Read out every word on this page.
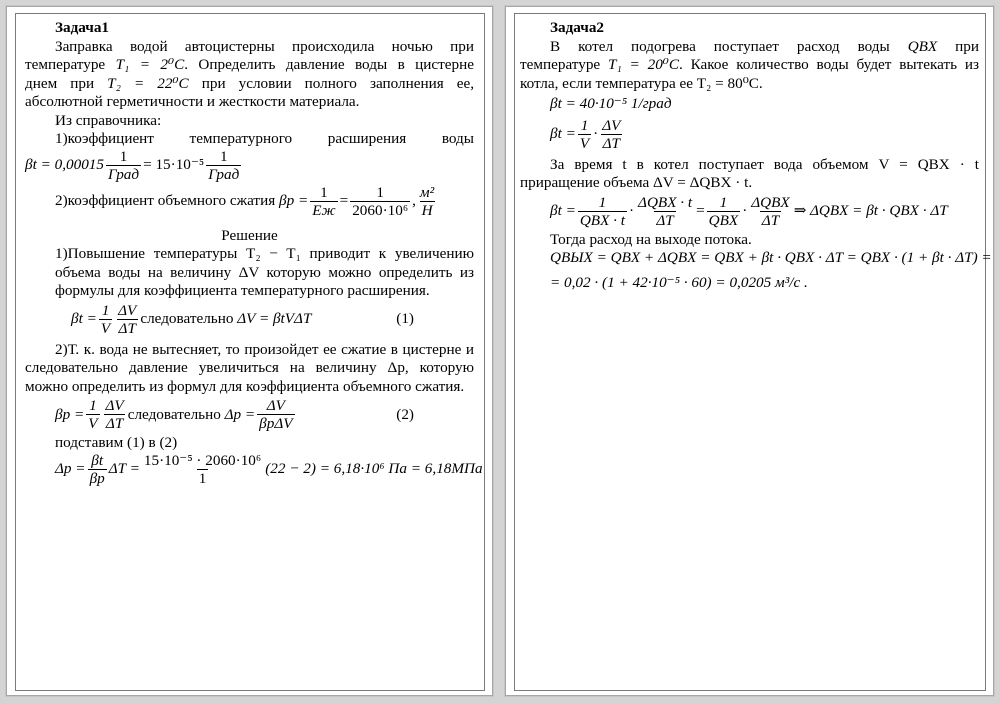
Задача1

Заправка водой автоцистерны происходила ночью при

температуре T₁ = 2⁰C. Определить давление воды в цистерне

днем при T₂ = 22⁰C при условии полного заполнения ее,

абсолютной герметичности и жесткости материала.

Из справочника:

1)коэффициент температурного расширения воды

$\beta t = 0,00015 \frac{1}{\text{Град}} = 15\cdot 10^{-5} \frac{1}{\text{Град}}$
2)коэффициент объемного сжатия
$\beta p = \frac{1}{Eж} = \frac{1}{\text{2060·10⁶}}$ , $\frac{\text{м²}}{Н}$

Решение

1)Повышение температуры T₂ − T₁ приводит к увеличению объема воды на величину ΔV которую можно определить из формулы для коэффициента температурного расширения.

$\beta t = \frac{1}{V} \frac{\Delta V}{\Delta T}$ следовательно
ΔV = βtVΔT	(1)

2)Т. к. вода не вытесняет, то произойдет ее сжатие в цистерне и следовательно давление увеличиться на величину Δp, которую можно определить из формул для коэффициента объемного сжатия.

$\beta p = \frac{1}{V} \frac{\Delta V}{\Delta T}$ следовательно
$\Delta p = \frac{\Delta V}{\text{βpΔV}}$	(2)

подставим (1) в (2)

$\Delta p = \frac{\beta t}{\beta p}$ $\Delta T = \frac{\text{15·10⁻⁵ · 2060·10⁶}}{1} (22 - 2) = 6,18\cdot 10^6$ Па = 6,18МПа

Задача2

В котел подогрева поступает расход воды QBX при

температуре T₁ = 20⁰C. Какое количество воды будет вытекать из

котла, если температура ее T₂ = 80⁰C.

βt = 40·10⁻⁵ 1/град
$\beta t = \frac{1}{V} \cdot \frac{\Delta V}{\Delta T}$

За время t в котел поступает вода объемом V = QBX · t

приращение объема ΔV = ΔQBX · t.

$\beta t = \frac{1}{\text{QBX · t}} \cdot \frac{\text{ΔQBX · t}}{\Delta T} = \frac{1}{\text{QBX}} \cdot \frac{\text{ΔQBX}}{\Delta T}$ ⇒ ΔQBX = βt · QBX · ΔT

Тогда расход на выходе потока.

QВЫХ = QBX + ΔQBX = QBX + βt · QBX · ΔT = QBX · (1 + βt · ΔT) =
= 0,02 · (1 + 42·10⁻⁵ · 60) = 0,0205 м³/c .
